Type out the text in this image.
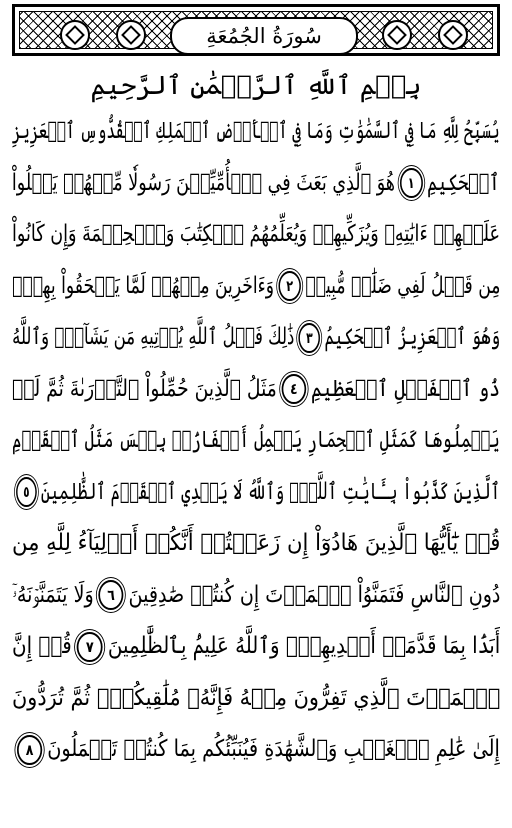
سُورَةُ الجُمُعَةِ
بِسۡمِ ٱللَّهِ ٱلرَّحۡمَٰنِ ٱلرَّحِيمِ
يُسَبِّحُ لِلَّهِ مَا فِي ٱلسَّمَٰوَٰتِ وَمَا فِي ٱلۡأَرۡضِ ٱلۡمَلِكِ ٱلۡقُدُّوسِ ٱلۡعَزِيزِ
ٱلۡحَكِيمِ
١
هُوَ ٱلَّذِي بَعَثَ فِي ٱلۡأُمِّيِّـۧنَ رَسُولٗا مِّنۡهُمۡ يَتۡلُواْ
عَلَيۡهِمۡ ءَايَٰتِهِۦ وَيُزَكِّيهِمۡ وَيُعَلِّمُهُمُ ٱلۡكِتَٰبَ وَٱلۡحِكۡمَةَ وَإِن كَانُواْ
مِن قَبۡلُ لَفِي ضَلَٰلٖ مُّبِينٖ
٢
وَءَاخَرِينَ مِنۡهُمۡ لَمَّا يَلۡحَقُواْ بِهِمۡۚ
وَهُوَ ٱلۡعَزِيزُ ٱلۡحَكِيمُ
٣
ذَٰلِكَ فَضۡلُ ٱللَّهِ يُؤۡتِيهِ مَن يَشَآءُۚ وَٱللَّهُ
ذُو ٱلۡفَضۡلِ ٱلۡعَظِيمِ
٤
مَثَلُ ٱلَّذِينَ حُمِّلُواْ ٱلتَّوۡرَىٰةَ ثُمَّ لَمۡ
يَحۡمِلُوهَا كَمَثَلِ ٱلۡحِمَارِ يَحۡمِلُ أَسۡفَارَۢاۚ بِئۡسَ مَثَلُ ٱلۡقَوۡمِ
ٱلَّذِينَ كَذَّبُواْ بِـَٔايَٰتِ ٱللَّهِۚ وَٱللَّهُ لَا يَهۡدِي ٱلۡقَوۡمَ ٱلظَّٰلِمِينَ
٥
قُلۡ يَٰٓأَيُّهَا ٱلَّذِينَ هَادُوٓاْ إِن زَعَمۡتُمۡ أَنَّكُمۡ أَوۡلِيَآءُ لِلَّهِ مِن
دُونِ ٱلنَّاسِ فَتَمَنَّوُاْ ٱلۡمَوۡتَ إِن كُنتُمۡ صَٰدِقِينَ
٦
وَلَا يَتَمَنَّوۡنَهُۥٓ
أَبَدَۢا بِمَا قَدَّمَتۡ أَيۡدِيهِمۡۚ وَٱللَّهُ عَلِيمُۢ بِٱلظَّٰلِمِينَ
٧
قُلۡ إِنَّ
ٱلۡمَوۡتَ ٱلَّذِي تَفِرُّونَ مِنۡهُ فَإِنَّهُۥ مُلَٰقِيكُمۡۖ ثُمَّ تُرَدُّونَ
إِلَىٰ عَٰلِمِ ٱلۡغَيۡبِ وَٱلشَّهَٰدَةِ فَيُنَبِّئُكُم بِمَا كُنتُمۡ تَعۡمَلُونَ
٨
